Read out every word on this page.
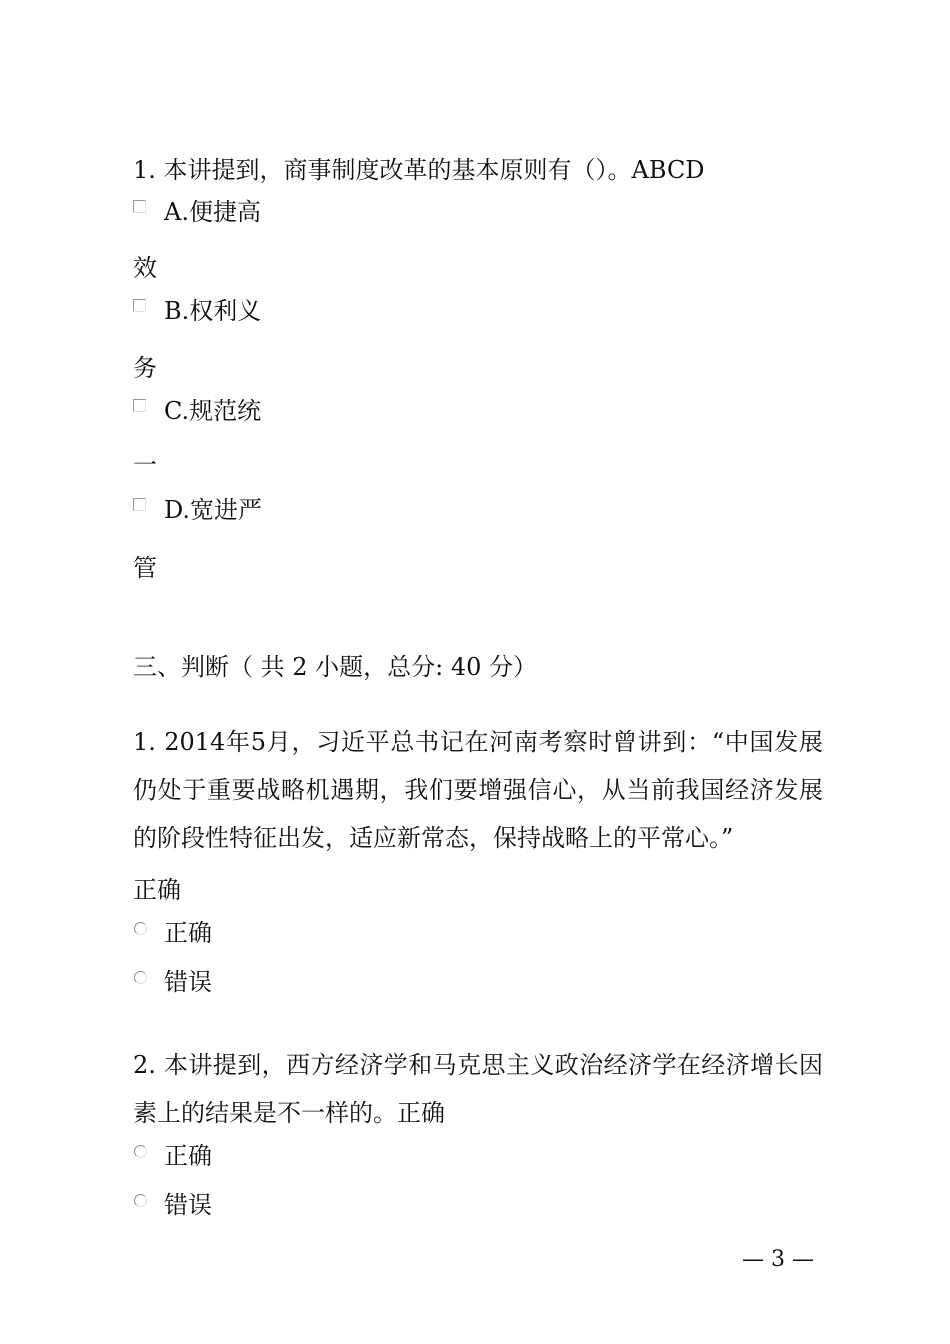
1. 本讲提到，商事制度改革的基本原则有（）。ABCD
A.便捷高
效
B.权利义
务
C.规范统
一
D.宽进严
管
三、判断（ 共 2 小题，总分: 40 分）
1. 2014年5月，习近平总书记在河南考察时曾讲到：“中国发展仍处于重要战略机遇期，我们要增强信心，从当前我国经济发展的阶段性特征出发，适应新常态，保持战略上的平常心。”
正确
正确
错误
2. 本讲提到，西方经济学和马克思主义政治经济学在经济增长因素上的结果是不一样的。正确
正确
错误
— 3 —
